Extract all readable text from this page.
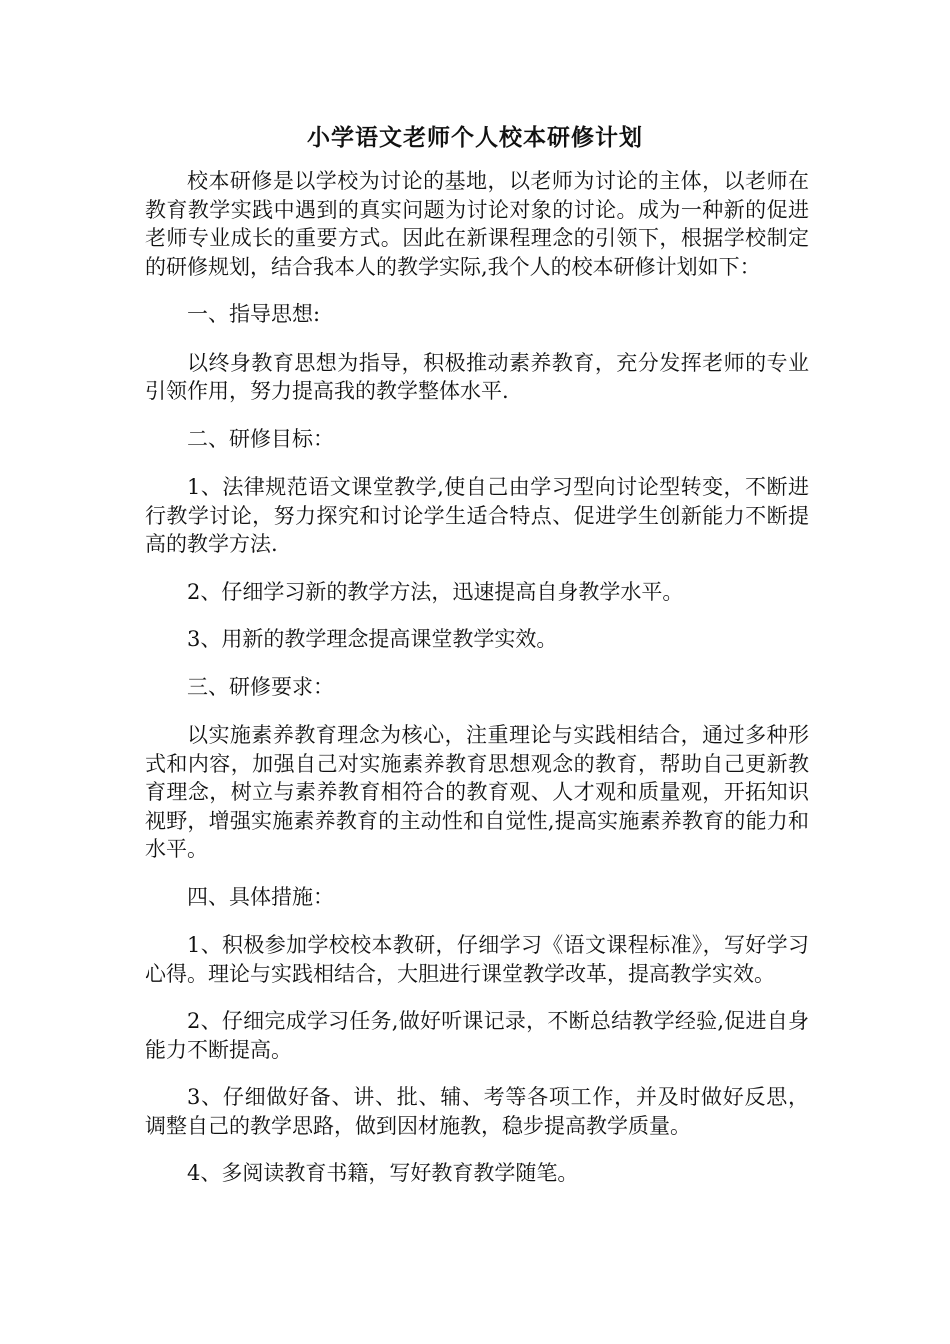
小学语文老师个人校本研修计划

校本研修是以学校为讨论的基地，以老师为讨论的主体，以老师在教育教学实践中遇到的真实问题为讨论对象的讨论。成为一种新的促进老师专业成长的重要方式。因此在新课程理念的引领下，根据学校制定的研修规划，结合我本人的教学实际,我个人的校本研修计划如下：

一、指导思想:

以终身教育思想为指导，积极推动素养教育，充分发挥老师的专业引领作用，努力提高我的教学整体水平.

二、研修目标：

1、法律规范语文课堂教学,使自己由学习型向讨论型转变，不断进行教学讨论，努力探究和讨论学生适合特点、促进学生创新能力不断提高的教学方法.

2、仔细学习新的教学方法，迅速提高自身教学水平。

3、用新的教学理念提高课堂教学实效。

三、研修要求：

以实施素养教育理念为核心，注重理论与实践相结合，通过多种形式和内容，加强自己对实施素养教育思想观念的教育，帮助自己更新教育理念，树立与素养教育相符合的教育观、人才观和质量观，开拓知识视野，增强实施素养教育的主动性和自觉性,提高实施素养教育的能力和水平。

四、具体措施：

1、积极参加学校校本教研，仔细学习《语文课程标准》，写好学习心得。理论与实践相结合，大胆进行课堂教学改革，提高教学实效。

2、仔细完成学习任务,做好听课记录，不断总结教学经验,促进自身能力不断提高。

3、仔细做好备、讲、批、辅、考等各项工作，并及时做好反思，调整自己的教学思路，做到因材施教，稳步提高教学质量。

4、多阅读教育书籍，写好教育教学随笔。
